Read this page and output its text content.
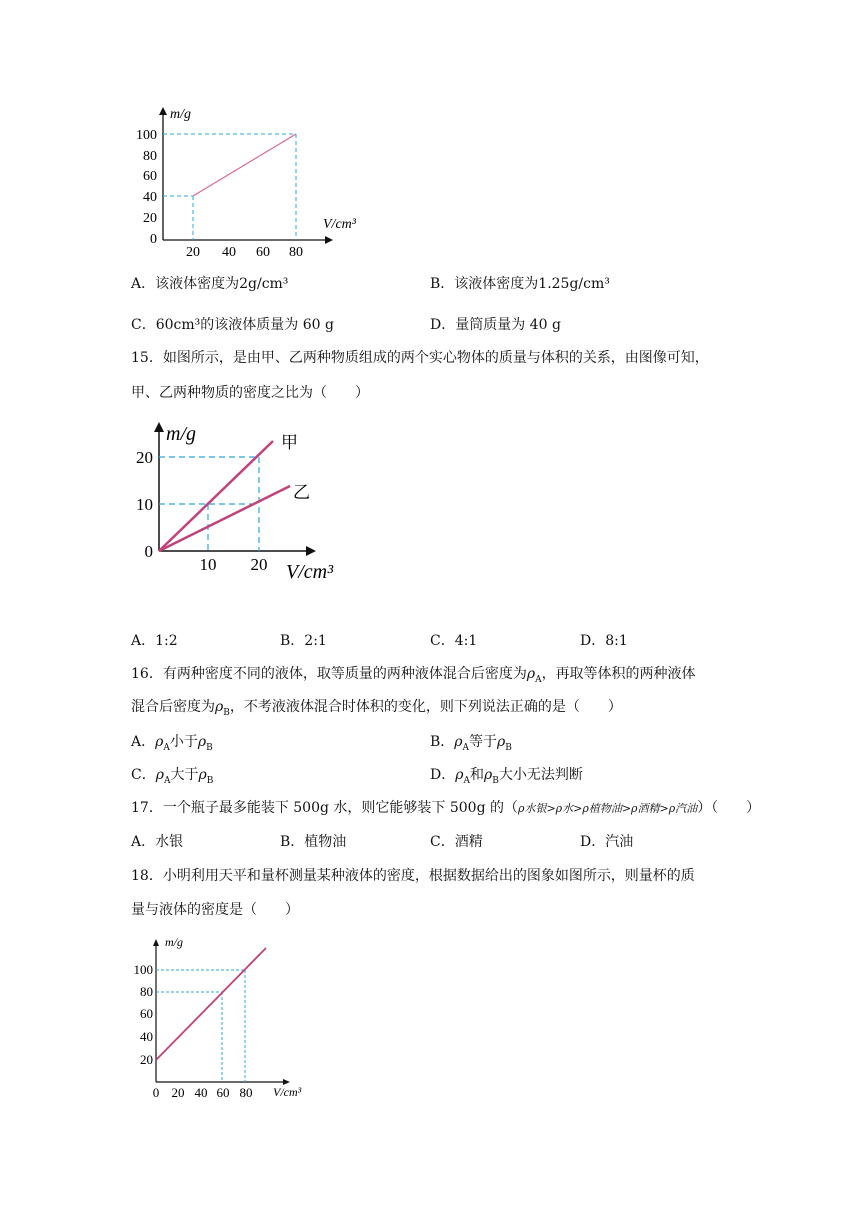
m/g
V/cm³
100
80
60
40
20
0
20 40 60 80
A．该液体密度为2g/cm³	B．该液体密度为1.25g/cm³
C．60cm³的该液体质量为 60 g	D．量筒质量为 40 g
15．如图所示，是由甲、乙两种物质组成的两个实心物体的质量与体积的关系，由图像可知，
甲、乙两种物质的密度之比为（　　）
m/g
V/cm³
甲
乙
20
10
0
10 20
A．1:2	B．2:1	C．4:1	D．8:1
16．有两种密度不同的液体，取等质量的两种液体混合后密度为$\rho_A$，再取等体积的两种液体
混合后密度为$\rho_B$，不考液液体混合时体积的变化，则下列说法正确的是（　　）
A．$\rho_A$小于$\rho_B$	B．$\rho_A$等于$\rho_B$
C．$\rho_A$大于$\rho_B$	D．$\rho_A$和$\rho_B$大小无法判断
17．一个瓶子最多能装下 500g 水，则它能够装下 500g 的（ρ水银>ρ水>ρ植物油>ρ酒精>ρ汽油）（　　）
A．水银	B．植物油	C．酒精	D．汽油
18．小明利用天平和量杯测量某种液体的密度，根据数据给出的图象如图所示，则量杯的质
量与液体的密度是（　　）
m/g
V/cm³
100
80
60
40
20
0 20 40 60 80
